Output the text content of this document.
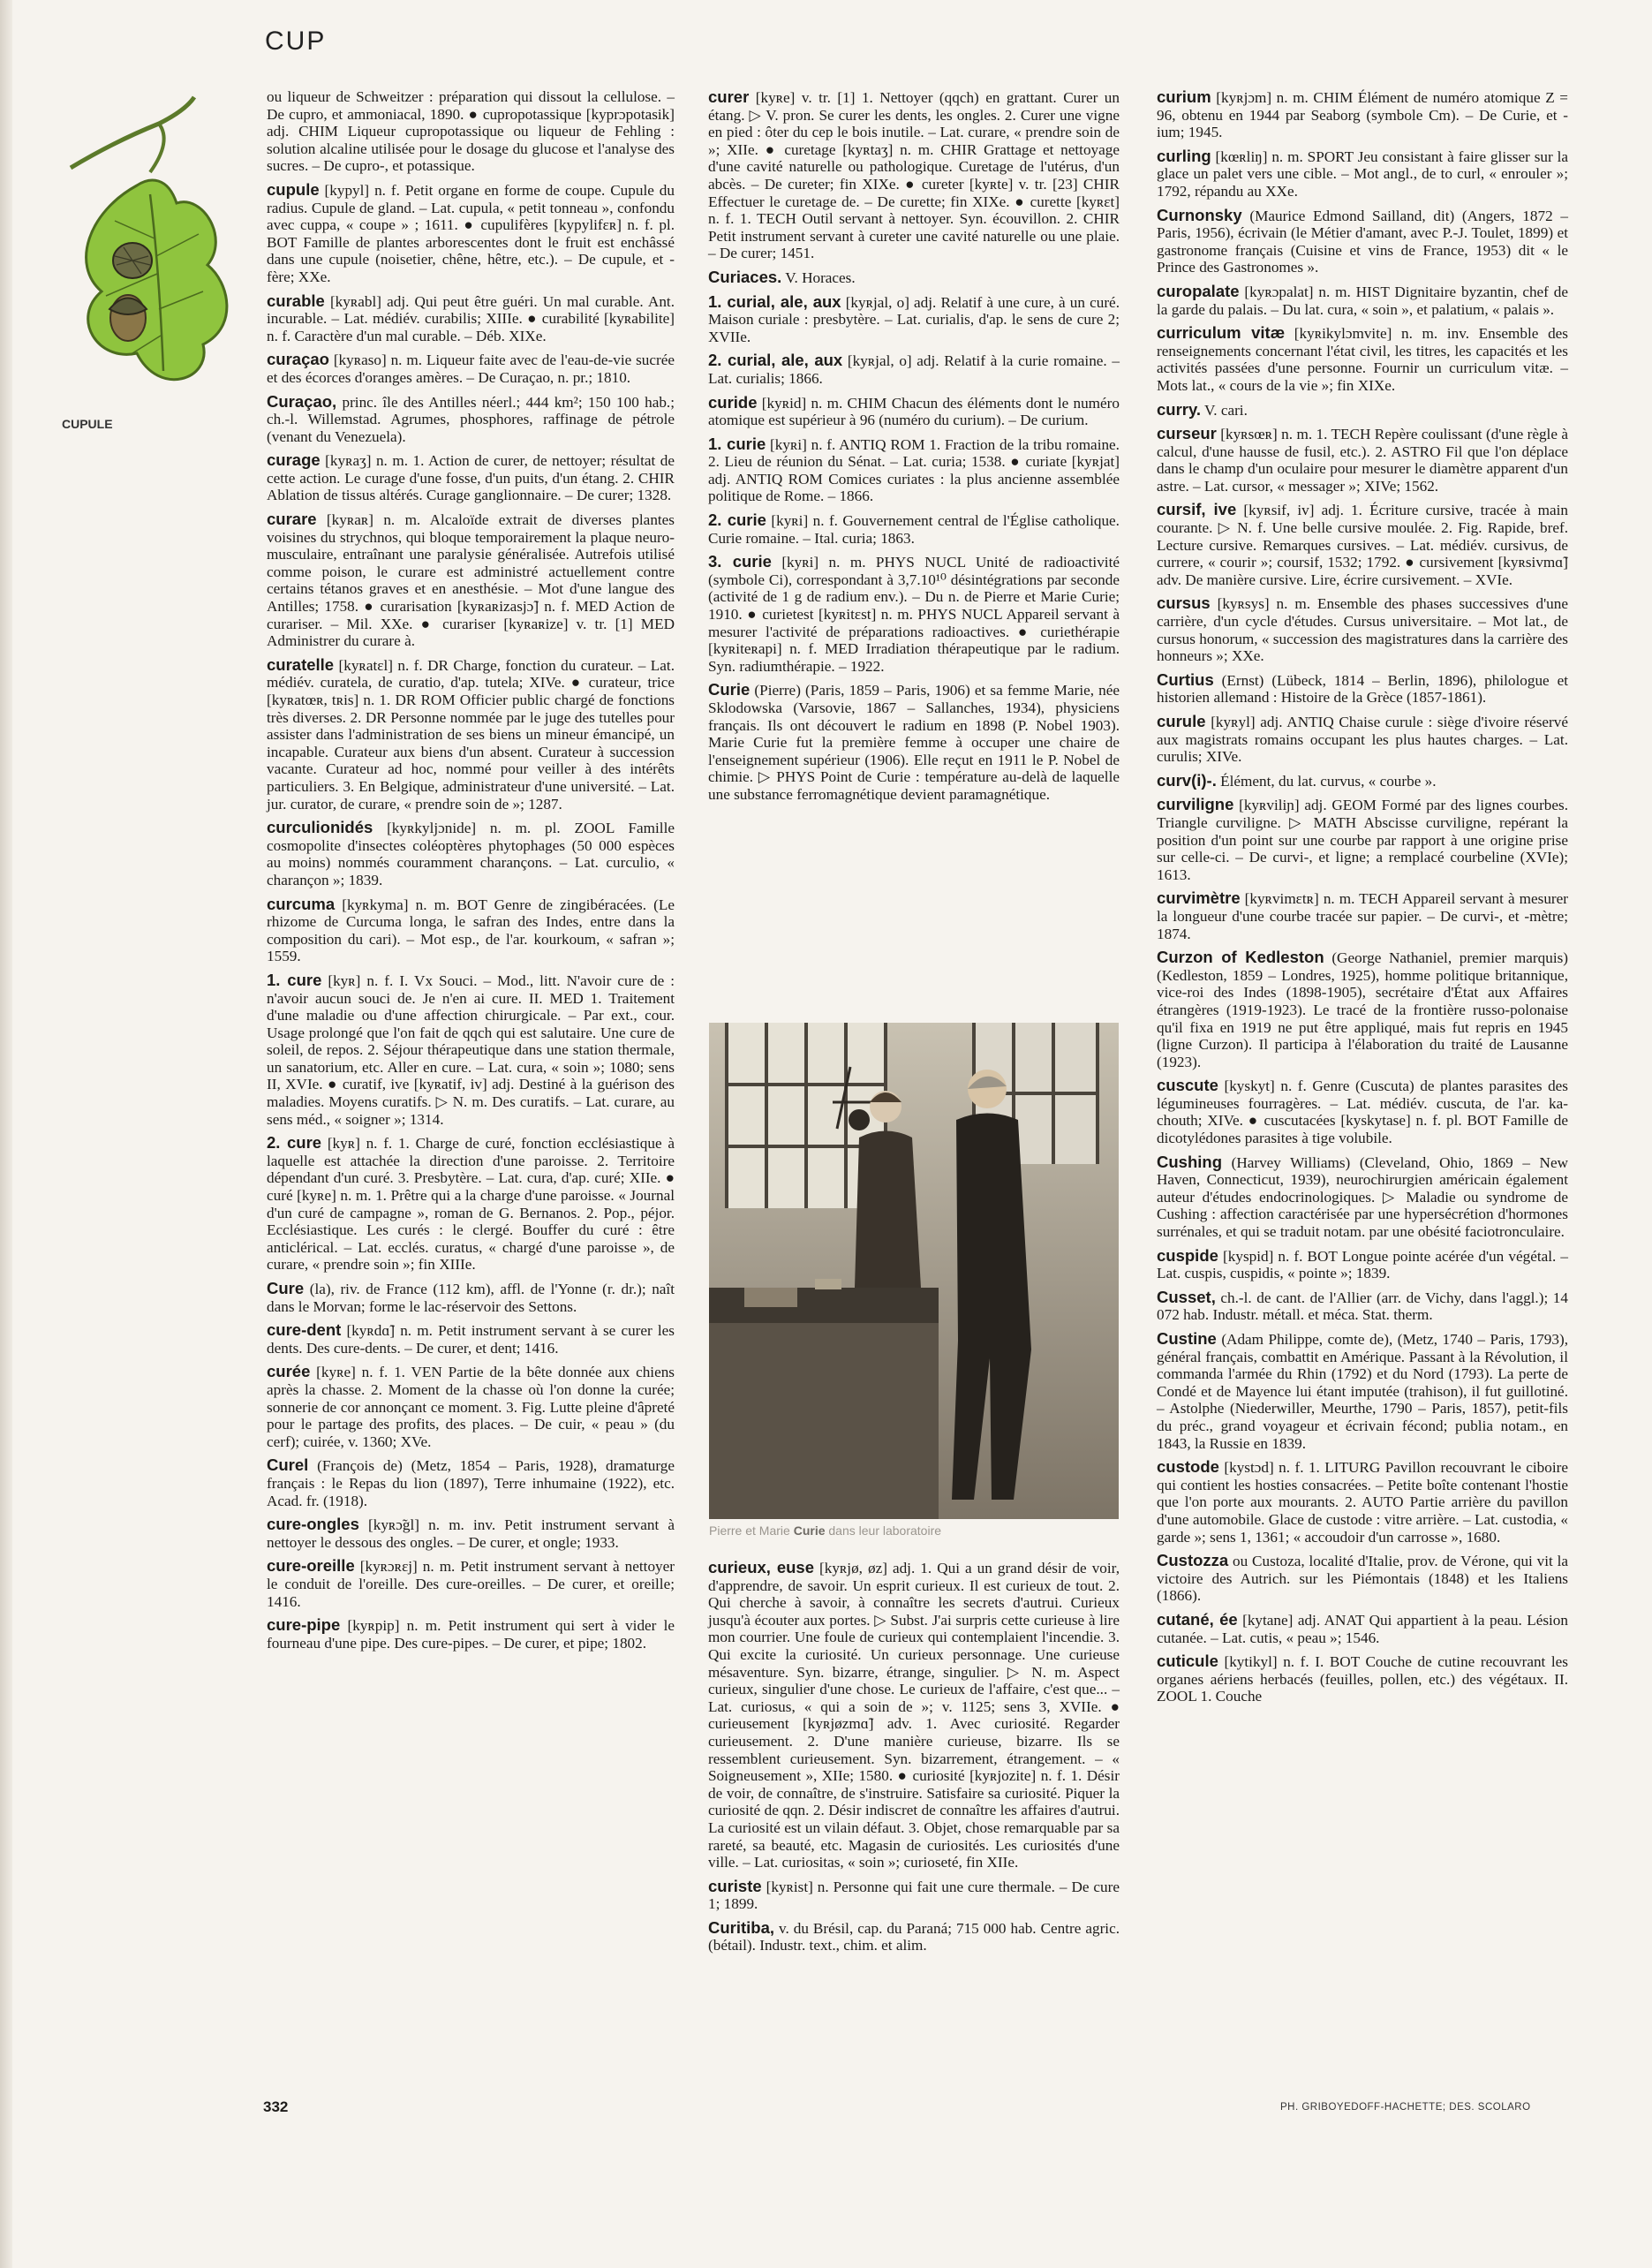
CUP
CUPULE

ou liqueur de Schweitzer : préparation qui dissout la cellulose. – De cupro, et ammoniacal, 1890. ● cupropotassique [kyprɔpotasik] adj. CHIM Liqueur cupropotassique ou liqueur de Fehling : solution alcaline utilisée pour le dosage du glucose et l'analyse des sucres. – De cupro-, et potassique.

cupule [kypyl] n. f. Petit organe en forme de coupe. Cupule du radius. Cupule de gland. – Lat. cupula, « petit tonneau », confondu avec cuppa, « coupe » ; 1611. ● cupulifères [kypylifɛʀ] n. f. pl. BOT Famille de plantes arborescentes dont le fruit est enchâssé dans une cupule (noisetier, chêne, hêtre, etc.). – De cupule, et -fère; XXe.

curable [kyʀabl] adj. Qui peut être guéri. Un mal curable. Ant. incurable. – Lat. médiév. curabilis; XIIIe. ● curabilité [kyʀabilite] n. f. Caractère d'un mal curable. – Déb. XIXe.

curaçao [kyʀaso] n. m. Liqueur faite avec de l'eau-de-vie sucrée et des écorces d'oranges amères. – De Curaçao, n. pr.; 1810.

Curaçao, princ. île des Antilles néerl.; 444 km²; 150 100 hab.; ch.-l. Willemstad. Agrumes, phosphores, raffinage de pétrole (venant du Venezuela).

curage [kyʀaʒ] n. m. 1. Action de curer, de nettoyer; résultat de cette action. Le curage d'une fosse, d'un puits, d'un étang. 2. CHIR Ablation de tissus altérés. Curage ganglionnaire. – De curer; 1328.

curare [kyʀaʀ] n. m. Alcaloïde extrait de diverses plantes voisines du strychnos, qui bloque temporairement la plaque neuro-musculaire, entraînant une paralysie généralisée. Autrefois utilisé comme poison, le curare est administré actuellement contre certains tétanos graves et en anesthésie. – Mot d'une langue des Antilles; 1758. ● curarisation [kyʀaʀizasjɔ̃] n. f. MED Action de curariser. – Mil. XXe. ● curariser [kyʀaʀize] v. tr. [1] MED Administrer du curare à.

curatelle [kyʀatɛl] n. f. DR Charge, fonction du curateur. – Lat. médiév. curatela, de curatio, d'ap. tutela; XIVe. ● curateur, trice [kyʀatœʀ, tʀis] n. 1. DR ROM Officier public chargé de fonctions très diverses. 2. DR Personne nommée par le juge des tutelles pour assister dans l'administration de ses biens un mineur émancipé, un incapable. Curateur aux biens d'un absent. Curateur à succession vacante. Curateur ad hoc, nommé pour veiller à des intérêts particuliers. 3. En Belgique, administrateur d'une université. – Lat. jur. curator, de curare, « prendre soin de »; 1287.

curculionidés [kyʀkyljɔnide] n. m. pl. ZOOL Famille cosmopolite d'insectes coléoptères phytophages (50 000 espèces au moins) nommés couramment charançons. – Lat. curculio, « charançon »; 1839.

curcuma [kyʀkyma] n. m. BOT Genre de zingibéracées. (Le rhizome de Curcuma longa, le safran des Indes, entre dans la composition du cari). – Mot esp., de l'ar. kourkoum, « safran »; 1559.

1. cure [kyʀ] n. f. I. Vx Souci. – Mod., litt. N'avoir cure de : n'avoir aucun souci de. Je n'en ai cure. II. MED 1. Traitement d'une maladie ou d'une affection chirurgicale. – Par ext., cour. Usage prolongé que l'on fait de qqch qui est salutaire. Une cure de soleil, de repos. 2. Séjour thérapeutique dans une station thermale, un sanatorium, etc. Aller en cure. – Lat. cura, « soin »; 1080; sens II, XVIe. ● curatif, ive [kyʀatif, iv] adj. Destiné à la guérison des maladies. Moyens curatifs. ▷ N. m. Des curatifs. – Lat. curare, au sens méd., « soigner »; 1314.

2. cure [kyʀ] n. f. 1. Charge de curé, fonction ecclésiastique à laquelle est attachée la direction d'une paroisse. 2. Territoire dépendant d'un curé. 3. Presbytère. – Lat. cura, d'ap. curé; XIIe. ● curé [kyʀe] n. m. 1. Prêtre qui a la charge d'une paroisse. « Journal d'un curé de campagne », roman de G. Bernanos. 2. Pop., péjor. Ecclésiastique. Les curés : le clergé. Bouffer du curé : être anticlérical. – Lat. ecclés. curatus, « chargé d'une paroisse », de curare, « prendre soin »; fin XIIIe.

Cure (la), riv. de France (112 km), affl. de l'Yonne (r. dr.); naît dans le Morvan; forme le lac-réservoir des Settons.

cure-dent [kyʀdɑ̃] n. m. Petit instrument servant à se curer les dents. Des cure-dents. – De curer, et dent; 1416.

curée [kyʀe] n. f. 1. VEN Partie de la bête donnée aux chiens après la chasse. 2. Moment de la chasse où l'on donne la curée; sonnerie de cor annonçant ce moment. 3. Fig. Lutte pleine d'âpreté pour le partage des profits, des places. – De cuir, « peau » (du cerf); cuirée, v. 1360; XVe.

Curel (François de) (Metz, 1854 – Paris, 1928), dramaturge français : le Repas du lion (1897), Terre inhumaine (1922), etc. Acad. fr. (1918).

cure-ongles [kyʀɔ̃gl] n. m. inv. Petit instrument servant à nettoyer le dessous des ongles. – De curer, et ongle; 1933.

cure-oreille [kyʀɔʀɛj] n. m. Petit instrument servant à nettoyer le conduit de l'oreille. Des cure-oreilles. – De curer, et oreille; 1416.

cure-pipe [kyʀpip] n. m. Petit instrument qui sert à vider le fourneau d'une pipe. Des cure-pipes. – De curer, et pipe; 1802.

curer [kyʀe] v. tr. [1] 1. Nettoyer (qqch) en grattant. Curer un étang. ▷ V. pron. Se curer les dents, les ongles. 2. Curer une vigne en pied : ôter du cep le bois inutile. – Lat. curare, « prendre soin de »; XIIe. ● curetage [kyʀtaʒ] n. m. CHIR Grattage et nettoyage d'une cavité naturelle ou pathologique. Curetage de l'utérus, d'un abcès. – De cureter; fin XIXe. ● cureter [kyʀte] v. tr. [23] CHIR Effectuer le curetage de. – De curette; fin XIXe. ● curette [kyʀɛt] n. f. 1. TECH Outil servant à nettoyer. Syn. écouvillon. 2. CHIR Petit instrument servant à cureter une cavité naturelle ou une plaie. – De curer; 1451.

Curiaces. V. Horaces.

1. curial, ale, aux [kyʀjal, o] adj. Relatif à une cure, à un curé. Maison curiale : presbytère. – Lat. curialis, d'ap. le sens de cure 2; XVIIe.

2. curial, ale, aux [kyʀjal, o] adj. Relatif à la curie romaine. – Lat. curialis; 1866.

curide [kyʀid] n. m. CHIM Chacun des éléments dont le numéro atomique est supérieur à 96 (numéro du curium). – De curium.

1. curie [kyʀi] n. f. ANTIQ ROM 1. Fraction de la tribu romaine. 2. Lieu de réunion du Sénat. – Lat. curia; 1538. ● curiate [kyʀjat] adj. ANTIQ ROM Comices curiates : la plus ancienne assemblée politique de Rome. – 1866.

2. curie [kyʀi] n. f. Gouvernement central de l'Église catholique. Curie romaine. – Ital. curia; 1863.

3. curie [kyʀi] n. m. PHYS NUCL Unité de radioactivité (symbole Ci), correspondant à 3,7.10¹⁰ désintégrations par seconde (activité de 1 g de radium env.). – Du n. de Pierre et Marie Curie; 1910. ● curietest [kyʀitɛst] n. m. PHYS NUCL Appareil servant à mesurer l'activité de préparations radioactives. ● curiethérapie [kyʀiteʀapi] n. f. MED Irradiation thérapeutique par le radium. Syn. radiumthérapie. – 1922.

Curie (Pierre) (Paris, 1859 – Paris, 1906) et sa femme Marie, née Sklodowska (Varsovie, 1867 – Sallanches, 1934), physiciens français. Ils ont découvert le radium en 1898 (P. Nobel 1903). Marie Curie fut la première femme à occuper une chaire de l'enseignement supérieur (1906). Elle reçut en 1911 le P. Nobel de chimie. ▷ PHYS Point de Curie : température au-delà de laquelle une substance ferromagnétique devient paramagnétique.

Pierre et Marie Curie dans leur laboratoire

curieux, euse [kyʀjø, øz] adj. 1. Qui a un grand désir de voir, d'apprendre, de savoir. Un esprit curieux. Il est curieux de tout. 2. Qui cherche à savoir, à connaître les secrets d'autrui. Curieux jusqu'à écouter aux portes. ▷ Subst. J'ai surpris cette curieuse à lire mon courrier. Une foule de curieux qui contemplaient l'incendie. 3. Qui excite la curiosité. Un curieux personnage. Une curieuse mésaventure. Syn. bizarre, étrange, singulier. ▷ N. m. Aspect curieux, singulier d'une chose. Le curieux de l'affaire, c'est que... – Lat. curiosus, « qui a soin de »; v. 1125; sens 3, XVIIe. ● curieusement [kyʀjøzmɑ̃] adv. 1. Avec curiosité. Regarder curieusement. 2. D'une manière curieuse, bizarre. Ils se ressemblent curieusement. Syn. bizarrement, étrangement. – « Soigneusement », XIIe; 1580. ● curiosité [kyʀjozite] n. f. 1. Désir de voir, de connaître, de s'instruire. Satisfaire sa curiosité. Piquer la curiosité de qqn. 2. Désir indiscret de connaître les affaires d'autrui. La curiosité est un vilain défaut. 3. Objet, chose remarquable par sa rareté, sa beauté, etc. Magasin de curiosités. Les curiosités d'une ville. – Lat. curiositas, « soin »; curioseté, fin XIIe.

curiste [kyʀist] n. Personne qui fait une cure thermale. – De cure 1; 1899.

Curitiba, v. du Brésil, cap. du Paraná; 715 000 hab. Centre agric. (bétail). Industr. text., chim. et alim.

curium [kyʀjɔm] n. m. CHIM Élément de numéro atomique Z = 96, obtenu en 1944 par Seaborg (symbole Cm). – De Curie, et -ium; 1945.

curling [kœʀliŋ] n. m. SPORT Jeu consistant à faire glisser sur la glace un palet vers une cible. – Mot angl., de to curl, « enrouler »; 1792, répandu au XXe.

Curnonsky (Maurice Edmond Sailland, dit) (Angers, 1872 – Paris, 1956), écrivain (le Métier d'amant, avec P.-J. Toulet, 1899) et gastronome français (Cuisine et vins de France, 1953) dit « le Prince des Gastronomes ».

curopalate [kyʀɔpalat] n. m. HIST Dignitaire byzantin, chef de la garde du palais. – Du lat. cura, « soin », et palatium, « palais ».

curriculum vitæ [kyʀikylɔmvite] n. m. inv. Ensemble des renseignements concernant l'état civil, les titres, les capacités et les activités passées d'une personne. Fournir un curriculum vitæ. – Mots lat., « cours de la vie »; fin XIXe.

curry. V. cari.

curseur [kyʀsœʀ] n. m. 1. TECH Repère coulissant (d'une règle à calcul, d'une hausse de fusil, etc.). 2. ASTRO Fil que l'on déplace dans le champ d'un oculaire pour mesurer le diamètre apparent d'un astre. – Lat. cursor, « messager »; XIVe; 1562.

cursif, ive [kyʀsif, iv] adj. 1. Écriture cursive, tracée à main courante. ▷ N. f. Une belle cursive moulée. 2. Fig. Rapide, bref. Lecture cursive. Remarques cursives. – Lat. médiév. cursivus, de currere, « courir »; coursif, 1532; 1792. ● cursivement [kyʀsivmɑ̃] adv. De manière cursive. Lire, écrire cursivement. – XVIe.

cursus [kyʀsys] n. m. Ensemble des phases successives d'une carrière, d'un cycle d'études. Cursus universitaire. – Mot lat., de cursus honorum, « succession des magistratures dans la carrière des honneurs »; XXe.

Curtius (Ernst) (Lübeck, 1814 – Berlin, 1896), philologue et historien allemand : Histoire de la Grèce (1857-1861).

curule [kyʀyl] adj. ANTIQ Chaise curule : siège d'ivoire réservé aux magistrats romains occupant les plus hautes charges. – Lat. curulis; XIVe.

curv(i)-. Élément, du lat. curvus, « courbe ».

curviligne [kyʀviliɲ] adj. GEOM Formé par des lignes courbes. Triangle curviligne. ▷ MATH Abscisse curviligne, repérant la position d'un point sur une courbe par rapport à une origine prise sur celle-ci. – De curvi-, et ligne; a remplacé courbeline (XVIe); 1613.

curvimètre [kyʀvimɛtʀ] n. m. TECH Appareil servant à mesurer la longueur d'une courbe tracée sur papier. – De curvi-, et -mètre; 1874.

Curzon of Kedleston (George Nathaniel, premier marquis) (Kedleston, 1859 – Londres, 1925), homme politique britannique, vice-roi des Indes (1898-1905), secrétaire d'État aux Affaires étrangères (1919-1923). Le tracé de la frontière russo-polonaise qu'il fixa en 1919 ne put être appliqué, mais fut repris en 1945 (ligne Curzon). Il participa à l'élaboration du traité de Lausanne (1923).

cuscute [kyskyt] n. f. Genre (Cuscuta) de plantes parasites des légumineuses fourragères. – Lat. médiév. cuscuta, de l'ar. ka-chouth; XIVe. ● cuscutacées [kyskytase] n. f. pl. BOT Famille de dicotylédones parasites à tige volubile.

Cushing (Harvey Williams) (Cleveland, Ohio, 1869 – New Haven, Connecticut, 1939), neurochirurgien américain également auteur d'études endocrinologiques. ▷ Maladie ou syndrome de Cushing : affection caractérisée par une hypersécrétion d'hormones surrénales, et qui se traduit notam. par une obésité faciotronculaire.

cuspide [kyspid] n. f. BOT Longue pointe acérée d'un végétal. – Lat. cuspis, cuspidis, « pointe »; 1839.

Cusset, ch.-l. de cant. de l'Allier (arr. de Vichy, dans l'aggl.); 14 072 hab. Industr. métall. et méca. Stat. therm.

Custine (Adam Philippe, comte de), (Metz, 1740 – Paris, 1793), général français, combattit en Amérique. Passant à la Révolution, il commanda l'armée du Rhin (1792) et du Nord (1793). La perte de Condé et de Mayence lui étant imputée (trahison), il fut guillotiné. – Astolphe (Niederwiller, Meurthe, 1790 – Paris, 1857), petit-fils du préc., grand voyageur et écrivain fécond; publia notam., en 1843, la Russie en 1839.

custode [kystɔd] n. f. 1. LITURG Pavillon recouvrant le ciboire qui contient les hosties consacrées. – Petite boîte contenant l'hostie que l'on porte aux mourants. 2. AUTO Partie arrière du pavillon d'une automobile. Glace de custode : vitre arrière. – Lat. custodia, « garde »; sens 1, 1361; « accoudoir d'un carrosse », 1680.

Custozza ou Custoza, localité d'Italie, prov. de Vérone, qui vit la victoire des Autrich. sur les Piémontais (1848) et les Italiens (1866).

cutané, ée [kytane] adj. ANAT Qui appartient à la peau. Lésion cutanée. – Lat. cutis, « peau »; 1546.

cuticule [kytikyl] n. f. I. BOT Couche de cutine recouvrant les organes aériens herbacés (feuilles, pollen, etc.) des végétaux. II. ZOOL 1. Couche

332	PH. GRIBOYEDOFF-HACHETTE; DES. SCOLARO
